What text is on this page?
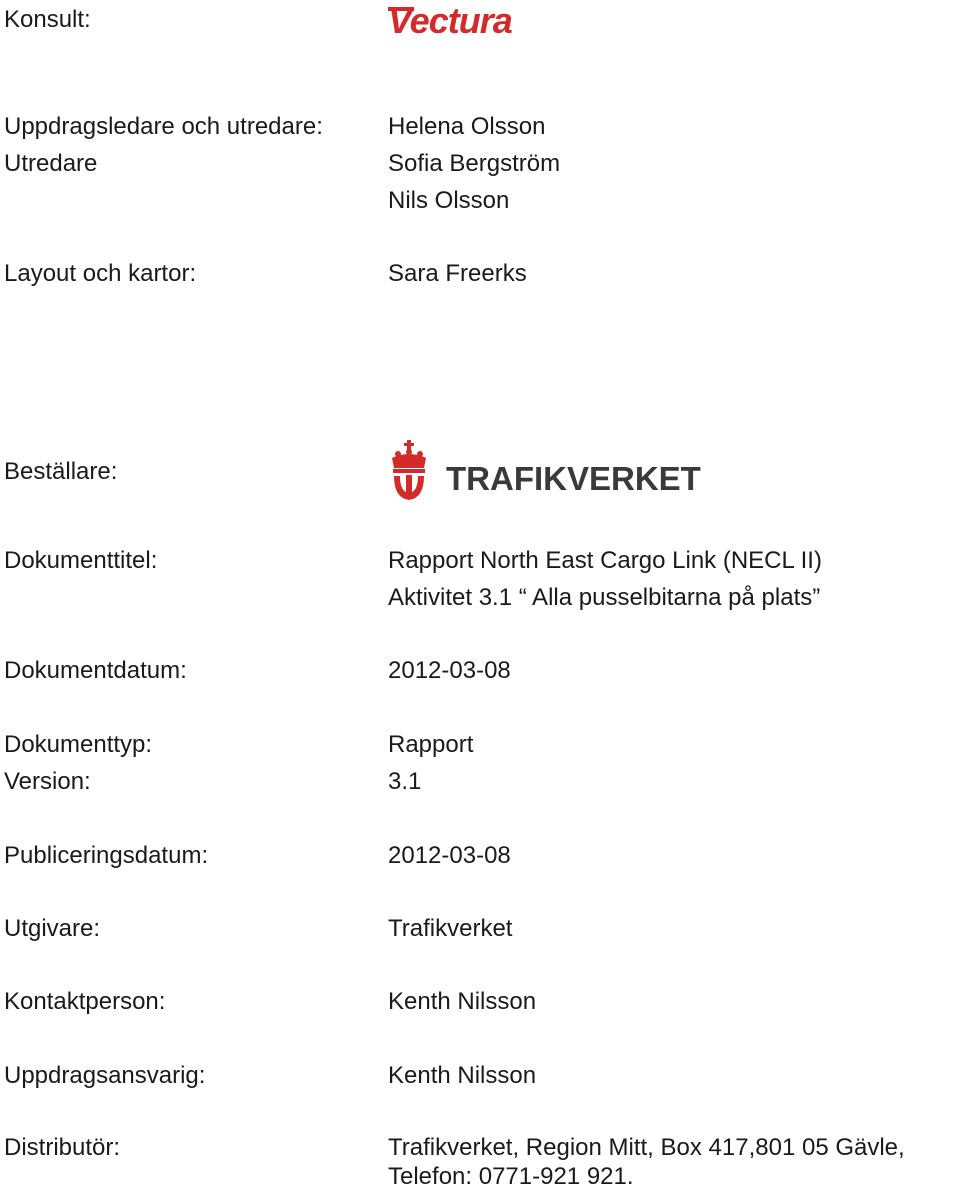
Konsult:	Vectura
Uppdragsledare och utredare:	Helena Olsson
Utredare	Sofia Bergström
Nils Olsson
Layout och kartor:	Sara Freerks
Beställare:	TRAFIKVERKET
Dokumenttitel:	Rapport North East Cargo Link (NECL II)
Aktivitet 3.1 “ Alla pusselbitarna på plats”
Dokumentdatum:	2012-03-08
Dokumenttyp:	Rapport
Version:	3.1
Publiceringsdatum:	2012-03-08
Utgivare:	Trafikverket
Kontaktperson:	Kenth Nilsson
Uppdragsansvarig:	Kenth Nilsson
Distributör:	Trafikverket, Region Mitt, Box 417,801 05 Gävle,
Telefon: 0771-921 921.
